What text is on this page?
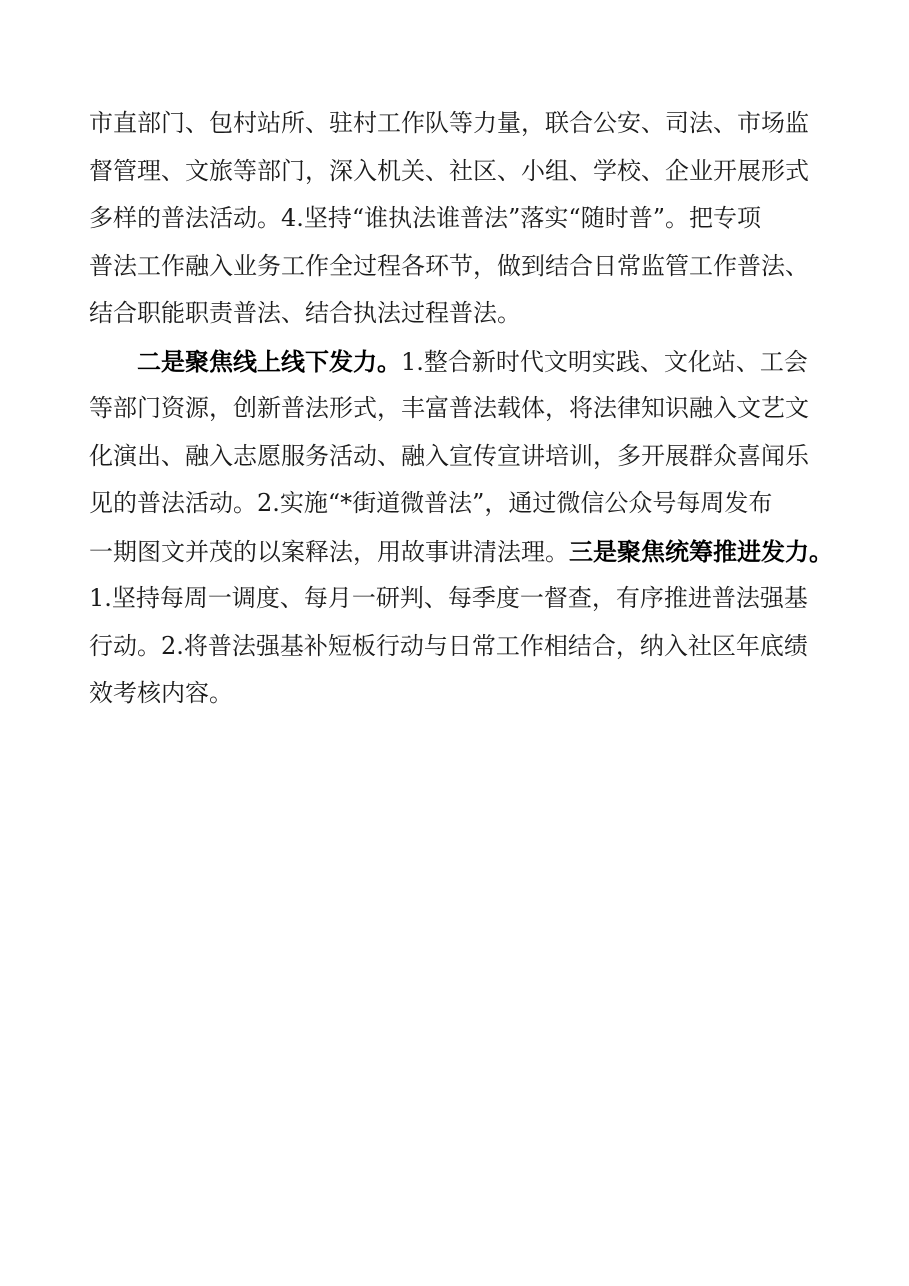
市直部门、包村站所、驻村工作队等力量，联合公安、司法、市场监
督管理、文旅等部门，深入机关、社区、小组、学校、企业开展形式
多样的普法活动。4.坚持“谁执法谁普法”落实“随时普”。把专项
普法工作融入业务工作全过程各环节，做到结合日常监管工作普法、
结合职能职责普法、结合执法过程普法。
二是聚焦线上线下发力。1.整合新时代文明实践、文化站、工会
等部门资源，创新普法形式，丰富普法载体，将法律知识融入文艺文
化演出、融入志愿服务活动、融入宣传宣讲培训，多开展群众喜闻乐
见的普法活动。2.实施“*街道微普法”，通过微信公众号每周发布
一期图文并茂的以案释法，用故事讲清法理。三是聚焦统筹推进发力。
1.坚持每周一调度、每月一研判、每季度一督查，有序推进普法强基
行动。2.将普法强基补短板行动与日常工作相结合，纳入社区年底绩
效考核内容。
